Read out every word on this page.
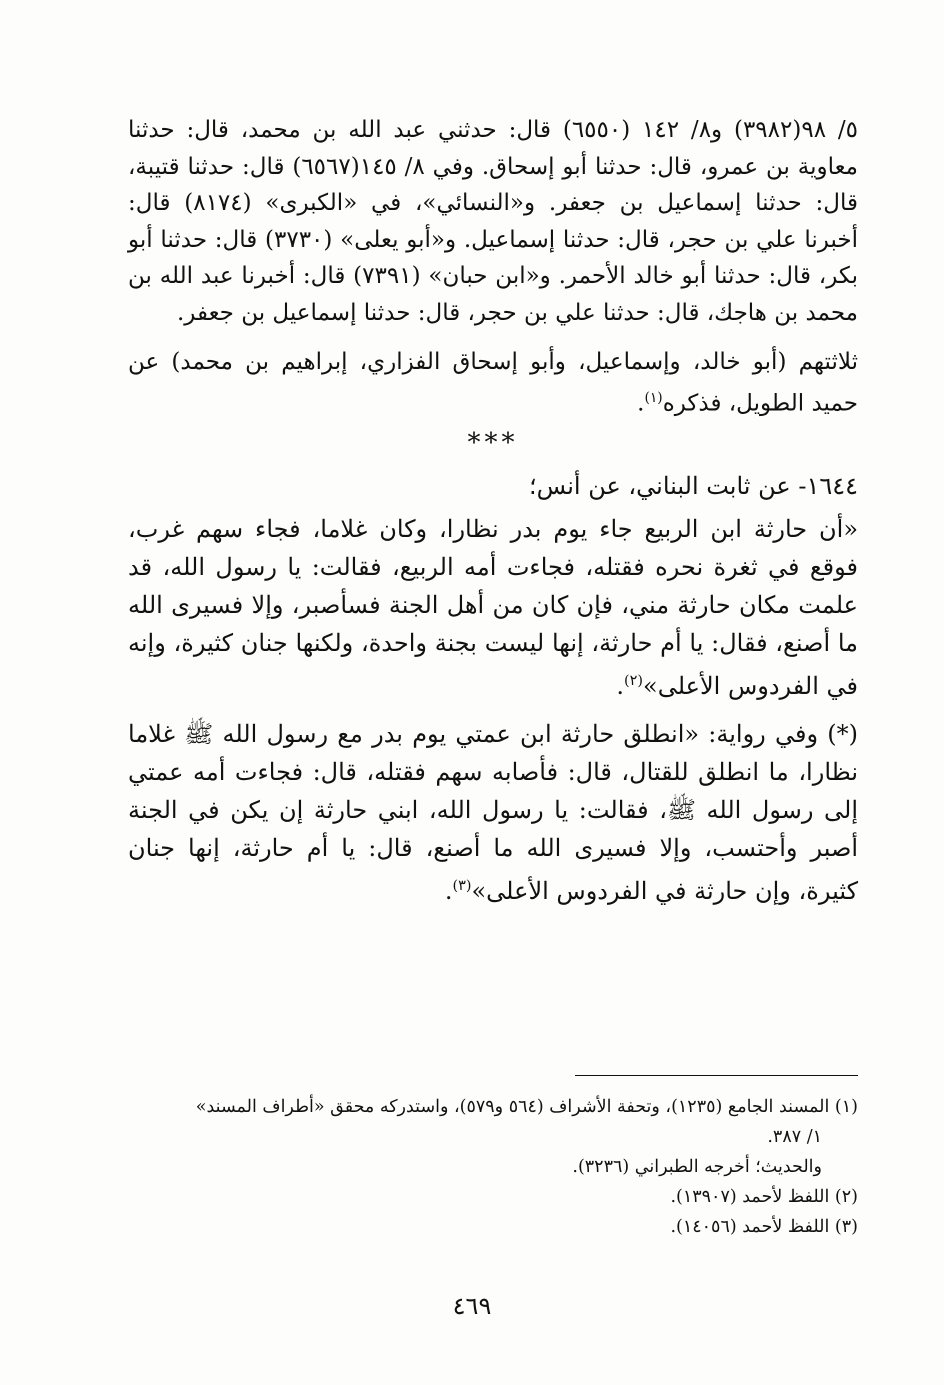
٥/ ٩٨(٣٩٨٢) و٨/ ١٤٢ (٦٥٥٠) قال: حدثني عبد الله بن محمد، قال: حدثنا معاوية بن عمرو، قال: حدثنا أبو إسحاق. وفي ٨/ ١٤٥(٦٥٦٧) قال: حدثنا قتيبة، قال: حدثنا إسماعيل بن جعفر. و«النسائي»، في «الكبرى» (٨١٧٤) قال: أخبرنا علي بن حجر، قال: حدثنا إسماعيل. و«أبو يعلى» (٣٧٣٠) قال: حدثنا أبو بكر، قال: حدثنا أبو خالد الأحمر. و«ابن حبان» (٧٣٩١) قال: أخبرنا عبد الله بن محمد بن هاجك، قال: حدثنا علي بن حجر، قال: حدثنا إسماعيل بن جعفر.

ثلاثتهم (أبو خالد، وإسماعيل، وأبو إسحاق الفزاري، إبراهيم بن محمد) عن حميد الطويل، فذكره$^{(١)}$.

***

١٦٤٤- عن ثابت البناني، عن أنس؛

«أن حارثة ابن الربيع جاء يوم بدر نظارا، وكان غلاما، فجاء سهم غرب، فوقع في ثغرة نحره فقتله، فجاءت أمه الربيع، فقالت: يا رسول الله، قد علمت مكان حارثة مني، فإن كان من أهل الجنة فسأصبر، وإلا فسيرى الله ما أصنع، فقال: يا أم حارثة، إنها ليست بجنة واحدة، ولكنها جنان كثيرة، وإنه في الفردوس الأعلى»$^{(٢)}$.

(*) وفي رواية: «انطلق حارثة ابن عمتي يوم بدر مع رسول الله ﷺ غلاما نظارا، ما انطلق للقتال، قال: فأصابه سهم فقتله، قال: فجاءت أمه عمتي إلى رسول الله ﷺ، فقالت: يا رسول الله، ابني حارثة إن يكن في الجنة أصبر وأحتسب، وإلا فسيرى الله ما أصنع، قال: يا أم حارثة، إنها جنان كثيرة، وإن حارثة في الفردوس الأعلى»$^{(٣)}$.

(١) المسند الجامع (١٢٣٥)، وتحفة الأشراف (٥٦٤ و٥٧٩)، واستدركه محقق «أطراف المسند»

١/ ٣٨٧.

والحديث؛ أخرجه الطبراني (٣٢٣٦).

(٢) اللفظ لأحمد (١٣٩٠٧).

(٣) اللفظ لأحمد (١٤٠٥٦).

٤٦٩
